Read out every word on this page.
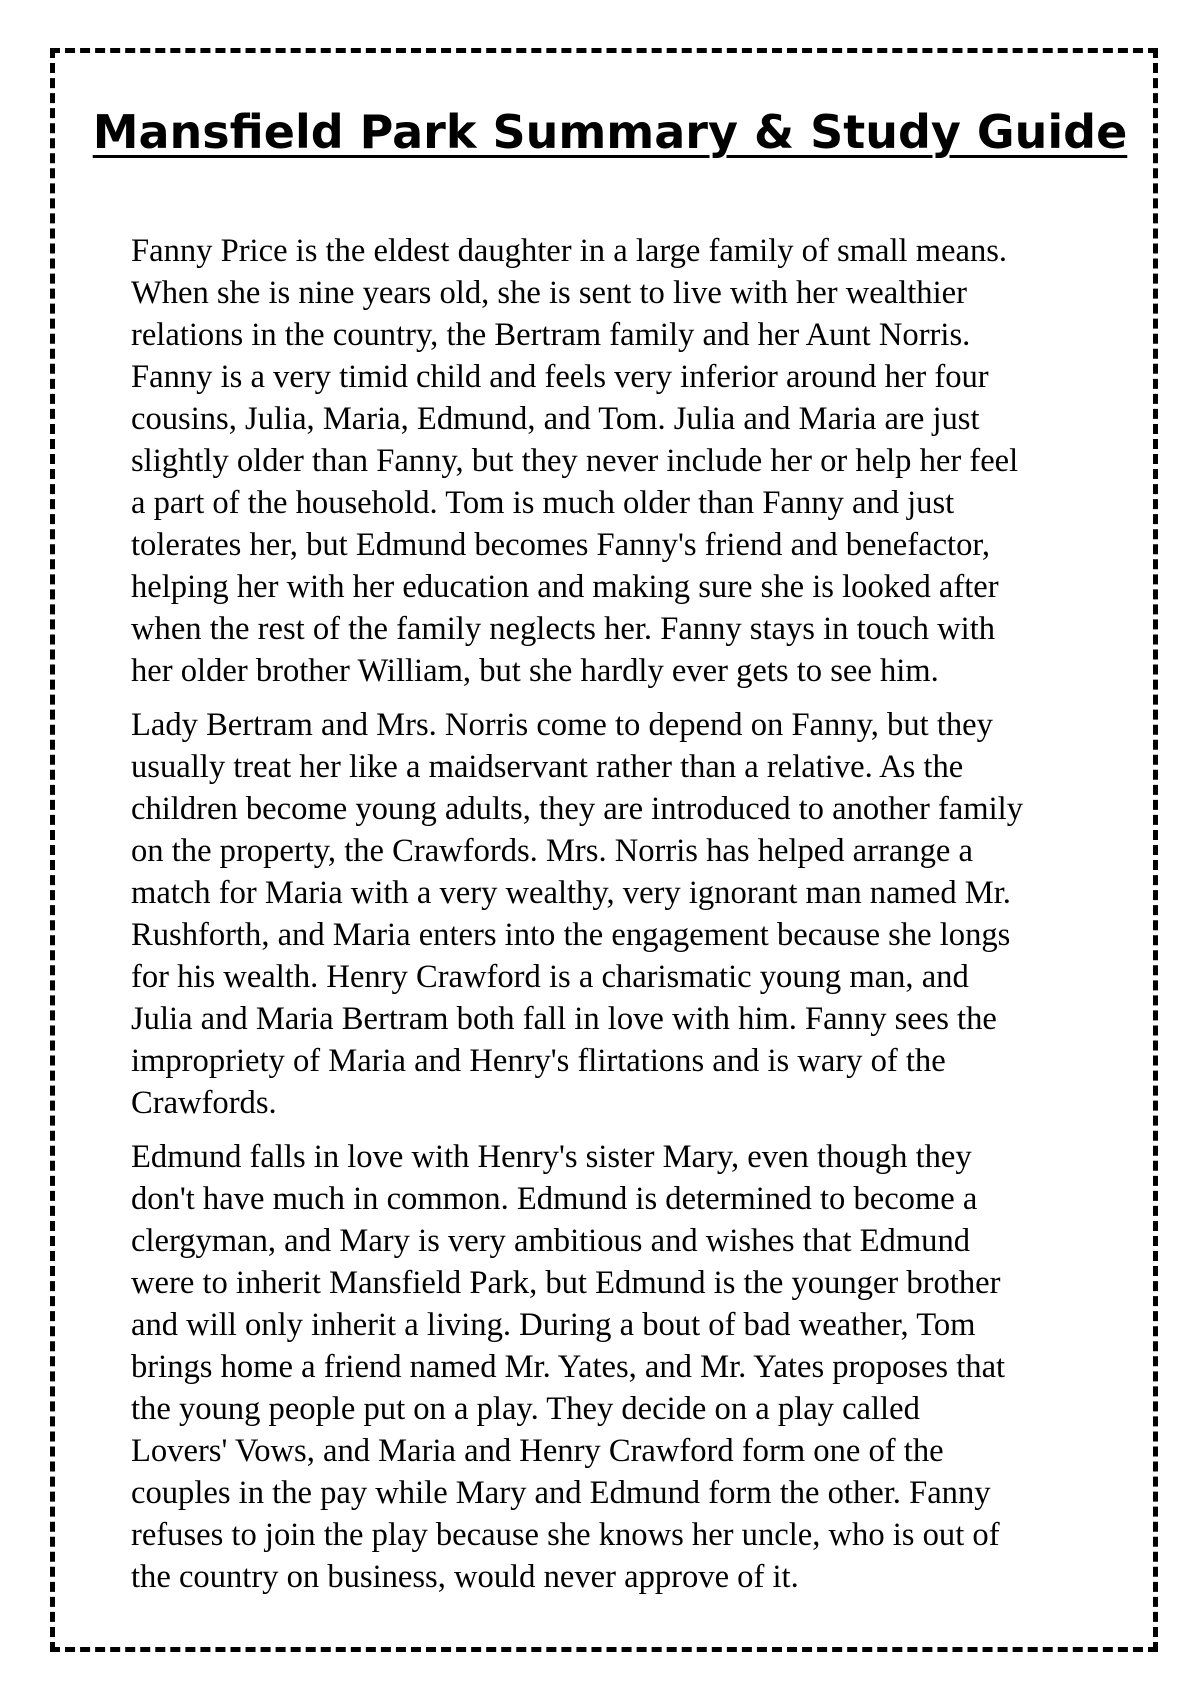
Mansfield Park Summary & Study Guide

Fanny Price is the eldest daughter in a large family of small means.
When she is nine years old, she is sent to live with her wealthier
relations in the country, the Bertram family and her Aunt Norris.
Fanny is a very timid child and feels very inferior around her four
cousins, Julia, Maria, Edmund, and Tom. Julia and Maria are just
slightly older than Fanny, but they never include her or help her feel
a part of the household. Tom is much older than Fanny and just
tolerates her, but Edmund becomes Fanny's friend and benefactor,
helping her with her education and making sure she is looked after
when the rest of the family neglects her. Fanny stays in touch with
her older brother William, but she hardly ever gets to see him.

Lady Bertram and Mrs. Norris come to depend on Fanny, but they
usually treat her like a maidservant rather than a relative. As the
children become young adults, they are introduced to another family
on the property, the Crawfords. Mrs. Norris has helped arrange a
match for Maria with a very wealthy, very ignorant man named Mr.
Rushforth, and Maria enters into the engagement because she longs
for his wealth. Henry Crawford is a charismatic young man, and
Julia and Maria Bertram both fall in love with him. Fanny sees the
impropriety of Maria and Henry's flirtations and is wary of the
Crawfords.

Edmund falls in love with Henry's sister Mary, even though they
don't have much in common. Edmund is determined to become a
clergyman, and Mary is very ambitious and wishes that Edmund
were to inherit Mansfield Park, but Edmund is the younger brother
and will only inherit a living. During a bout of bad weather, Tom
brings home a friend named Mr. Yates, and Mr. Yates proposes that
the young people put on a play. They decide on a play called
Lovers' Vows, and Maria and Henry Crawford form one of the
couples in the pay while Mary and Edmund form the other. Fanny
refuses to join the play because she knows her uncle, who is out of
the country on business, would never approve of it.
